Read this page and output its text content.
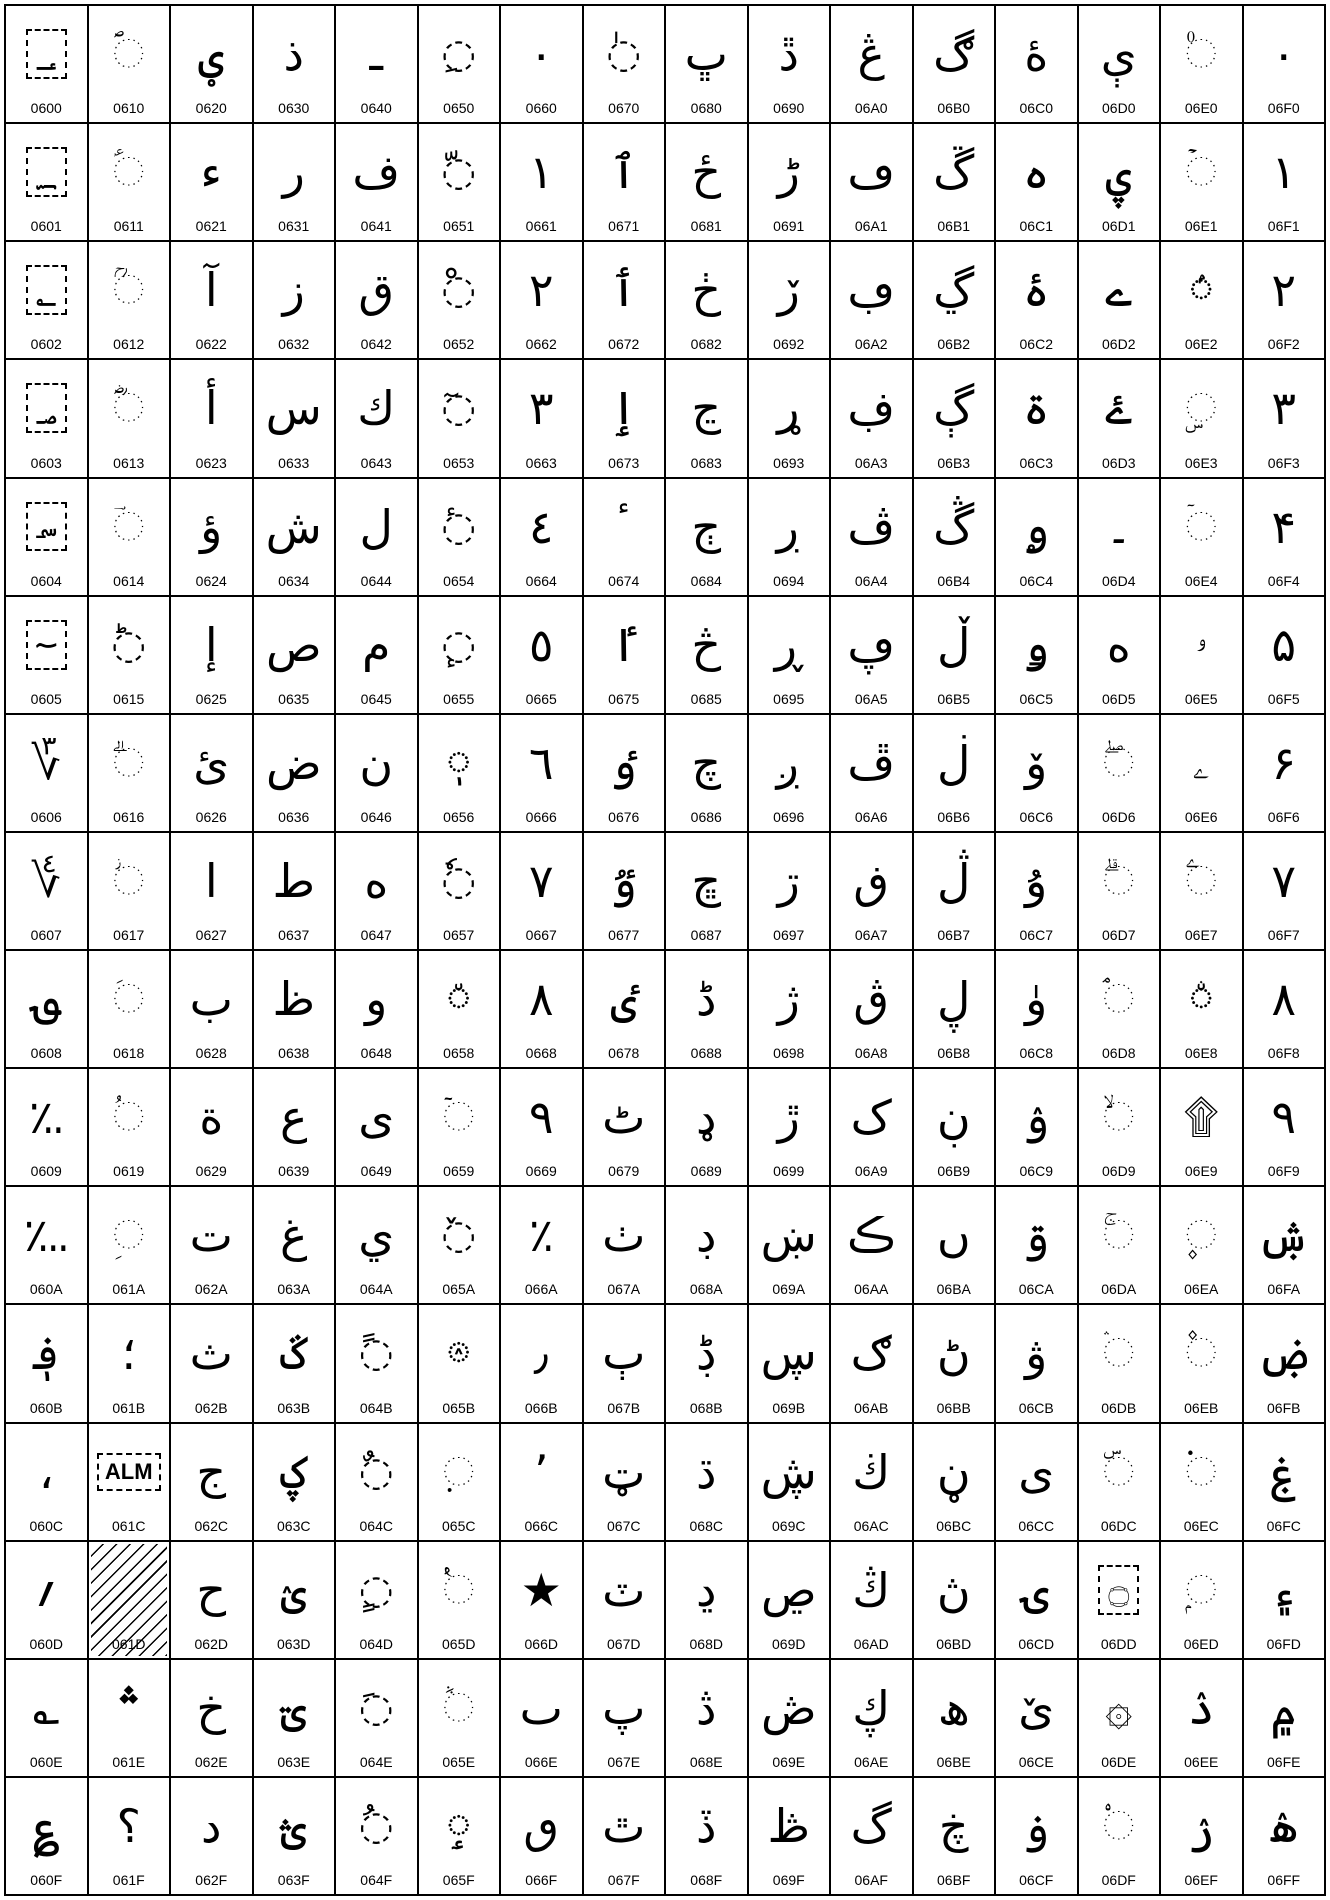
؀
0600
◌ؐ
0610
ؠ
0620
ذ
0630
ـ
0640
◌ِ
0650
٠
0660
◌ٰ
0670
ڀ
0680
ڐ
0690
ڠ
06A0
ڰ
06B0
ۀ
06C0
ې
06D0
◌۠
06E0
۰
06F0
؁
0601
◌ؑ
0611
ء
0621
ر
0631
ف
0641
◌ّ
0651
١
0661
ٱ
0671
ځ
0681
ڑ
0691
ڡ
06A1
ڱ
06B1
ہ
06C1
ۑ
06D1
◌ۡ
06E1
۱
06F1
؂
0602
◌ؒ
0612
آ
0622
ز
0632
ق
0642
◌ْ
0652
٢
0662
ٲ
0672
ڂ
0682
ڒ
0692
ڢ
06A2
ڲ
06B2
ۂ
06C2
ے
06D2
◌ۢ
06E2
۲
06F2
؃
0603
◌ؓ
0613
أ
0623
س
0633
ك
0643
◌ٓ
0653
٣
0663
ٳ
0673
ڃ
0683
ړ
0693
ڣ
06A3
ڳ
06B3
ۃ
06C3
ۓ
06D3
◌ۣ
06E3
۳
06F3
؄
0604
◌ؔ
0614
ؤ
0624
ش
0634
ل
0644
◌ٔ
0654
٤
0664
ٴ
0674
ڄ
0684
ڔ
0694
ڤ
06A4
ڴ
06B4
ۄ
06C4
۔
06D4
◌ۤ
06E4
۴
06F4
؅
0605
◌ؕ
0615
إ
0625
ص
0635
م
0645
◌ٕ
0655
٥
0665
ٵ
0675
څ
0685
ڕ
0695
ڥ
06A5
ڵ
06B5
ۅ
06C5
ە
06D5
ۥ
06E5
۵
06F5
؆
0606
◌ؖ
0616
ئ
0626
ض
0636
ن
0646
◌ٖ
0656
٦
0666
ٶ
0676
چ
0686
ږ
0696
ڦ
06A6
ڶ
06B6
ۆ
06C6
◌ۖ
06D6
ۦ
06E6
۶
06F6
؇
0607
◌ؗ
0617
ا
0627
ط
0637
ه
0647
◌ٗ
0657
٧
0667
ٷ
0677
ڇ
0687
ڗ
0697
ڧ
06A7
ڷ
06B7
ۇ
06C7
◌ۗ
06D7
◌ۧ
06E7
۷
06F7
؈
0608
◌ؘ
0618
ب
0628
ظ
0638
و
0648
◌٘
0658
٨
0668
ٸ
0678
ڈ
0688
ژ
0698
ڨ
06A8
ڸ
06B8
ۈ
06C8
◌ۘ
06D8
◌ۨ
06E8
۸
06F8
؉
0609
◌ؙ
0619
ة
0629
ع
0639
ى
0649
◌ٙ
0659
٩
0669
ٹ
0679
ډ
0689
ڙ
0699
ک
06A9
ڹ
06B9
ۉ
06C9
◌ۙ
06D9
۩
06E9
۹
06F9
؊
060A
◌ؚ
061A
ت
062A
غ
063A
ي
064A
◌ٚ
065A
٪
066A
ٺ
067A
ڊ
068A
ښ
069A
ڪ
06AA
ں
06BA
ۊ
06CA
◌ۚ
06DA
◌۪
06EA
ۺ
06FA
؋
060B
؛
061B
ث
062B
ػ
063B
◌ً
064B
◌ٛ
065B
٫
066B
ٻ
067B
ڋ
068B
ڛ
069B
ګ
06AB
ڻ
06BB
ۋ
06CB
◌ۛ
06DB
◌۫
06EB
ۻ
06FB
،
060C
ALM
061C
ج
062C
ؼ
063C
◌ٌ
064C
◌ٜ
065C
٬
066C
ټ
067C
ڌ
068C
ڜ
069C
ڬ
06AC
ڼ
06BC
ی
06CC
◌ۜ
06DC
◌۬
06EC
ۼ
06FC
؍
060D	061D
ح
062D
ؽ
063D
◌ٍ
064D
◌ٝ
065D
★
066D
ٽ
067D
ڍ
068D
ڝ
069D
ڭ
06AD
ڽ
06BD
ۍ
06CD
۝
06DD
◌ۭ
06ED
۽
06FD
؎
060E
؞
061E
خ
062E
ؾ
063E
◌َ
064E
◌ٞ
065E
ٮ
066E
پ
067E
ڎ
068E
ڞ
069E
ڮ
06AE
ھ
06BE
ێ
06CE
۞
06DE
ۮ
06EE
۾
06FE
؏
060F
؟
061F
د
062F
ؿ
063F
◌ُ
064F
◌ٟ
065F
ٯ
066F
ٿ
067F
ڏ
068F
ڟ
069F
گ
06AF
ڿ
06BF
ۏ
06CF
◌۟
06DF
ۯ
06EF
ۿ
06FF
